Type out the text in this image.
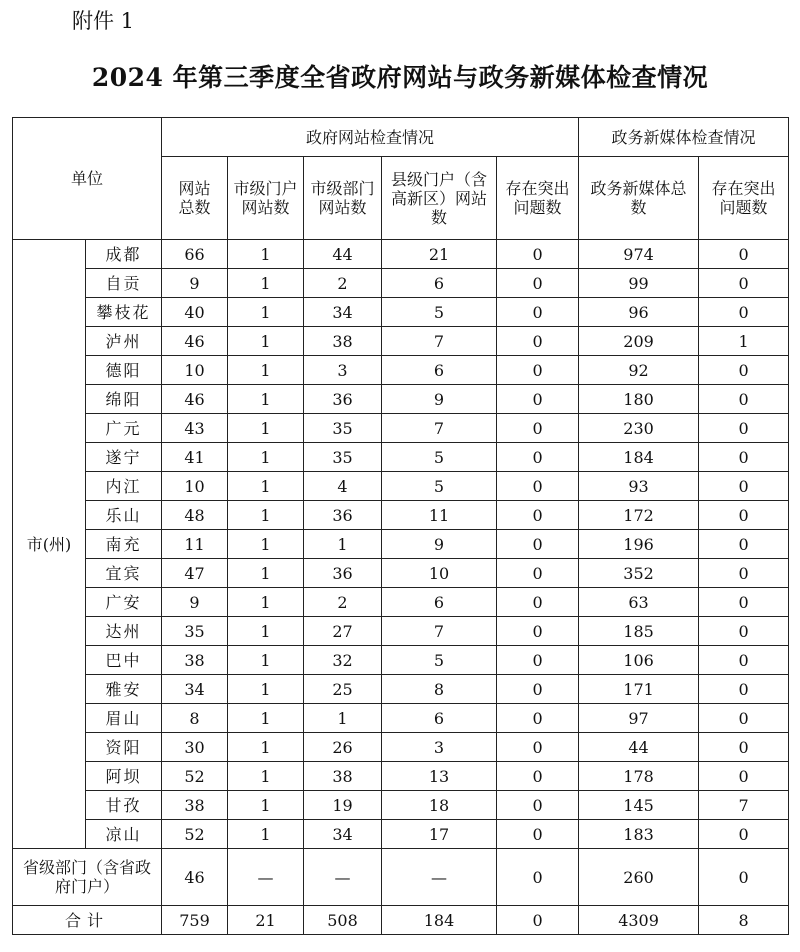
附件 1
2024 年第三季度全省政府网站与政务新媒体检查情况
单位		政府网站检查情况					政务新媒体检查情况	
		网站总数	市级门户网站数	市级部门网站数	县级门户（含高新区）网站数	存在突出问题数	政务新媒体总数	存在突出问题数
市(州)	成都	66	1	44	21	0	974	0
	自贡	9	1	2	6	0	99	0
	攀枝花	40	1	34	5	0	96	0
	泸州	46	1	38	7	0	209	1
	德阳	10	1	3	6	0	92	0
	绵阳	46	1	36	9	0	180	0
	广元	43	1	35	7	0	230	0
	遂宁	41	1	35	5	0	184	0
	内江	10	1	4	5	0	93	0
	乐山	48	1	36	11	0	172	0
	南充	11	1	1	9	0	196	0
	宜宾	47	1	36	10	0	352	0
	广安	9	1	2	6	0	63	0
	达州	35	1	27	7	0	185	0
	巴中	38	1	32	5	0	106	0
	雅安	34	1	25	8	0	171	0
	眉山	8	1	1	6	0	97	0
	资阳	30	1	26	3	0	44	0
	阿坝	52	1	38	13	0	178	0
	甘孜	38	1	19	18	0	145	7
	凉山	52	1	34	17	0	183	0
省级部门（含省政府门户）		46	—	—	—	0	260	0
合计		759	21	508	184	0	4309	8
